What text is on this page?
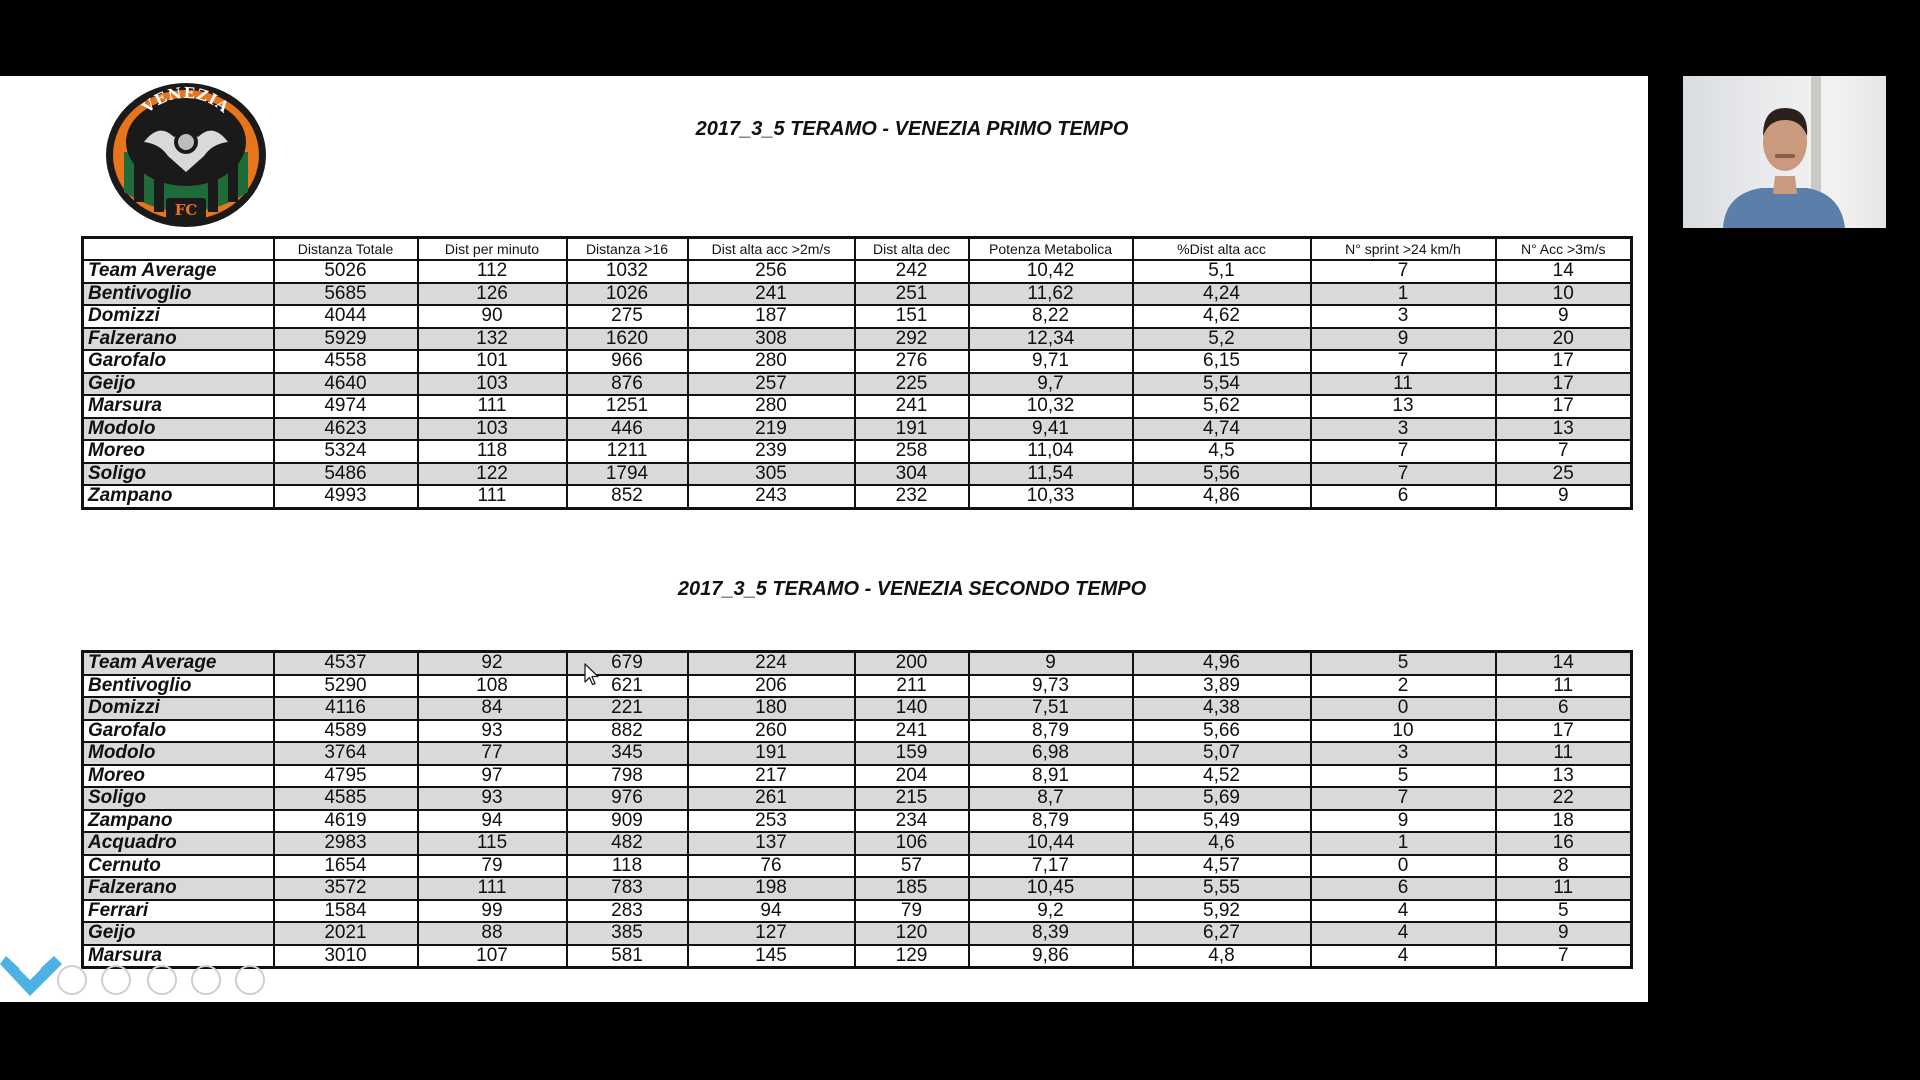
VENEZIA
FC
2017_3_5 TERAMO - VENEZIA PRIMO TEMPO
	Distanza Totale	Dist per minuto	Distanza >16	Dist alta acc >2m/s	Dist alta dec	Potenza Metabolica	%Dist alta acc	N° sprint >24 km/h	N° Acc >3m/s
Team Average	5026	112	1032	256	242	10,42	5,1	7	14
Bentivoglio	5685	126	1026	241	251	11,62	4,24	1	10
Domizzi	4044	90	275	187	151	8,22	4,62	3	9
Falzerano	5929	132	1620	308	292	12,34	5,2	9	20
Garofalo	4558	101	966	280	276	9,71	6,15	7	17
Geijo	4640	103	876	257	225	9,7	5,54	11	17
Marsura	4974	111	1251	280	241	10,32	5,62	13	17
Modolo	4623	103	446	219	191	9,41	4,74	3	13
Moreo	5324	118	1211	239	258	11,04	4,5	7	7
Soligo	5486	122	1794	305	304	11,54	5,56	7	25
Zampano	4993	111	852	243	232	10,33	4,86	6	9
2017_3_5 TERAMO - VENEZIA SECONDO TEMPO
Team Average	4537	92	679	224	200	9	4,96	5	14
Bentivoglio	5290	108	621	206	211	9,73	3,89	2	11
Domizzi	4116	84	221	180	140	7,51	4,38	0	6
Garofalo	4589	93	882	260	241	8,79	5,66	10	17
Modolo	3764	77	345	191	159	6,98	5,07	3	11
Moreo	4795	97	798	217	204	8,91	4,52	5	13
Soligo	4585	93	976	261	215	8,7	5,69	7	22
Zampano	4619	94	909	253	234	8,79	5,49	9	18
Acquadro	2983	115	482	137	106	10,44	4,6	1	16
Cernuto	1654	79	118	76	57	7,17	4,57	0	8
Falzerano	3572	111	783	198	185	10,45	5,55	6	11
Ferrari	1584	99	283	94	79	9,2	5,92	4	5
Geijo	2021	88	385	127	120	8,39	6,27	4	9
Marsura	3010	107	581	145	129	9,86	4,8	4	7
